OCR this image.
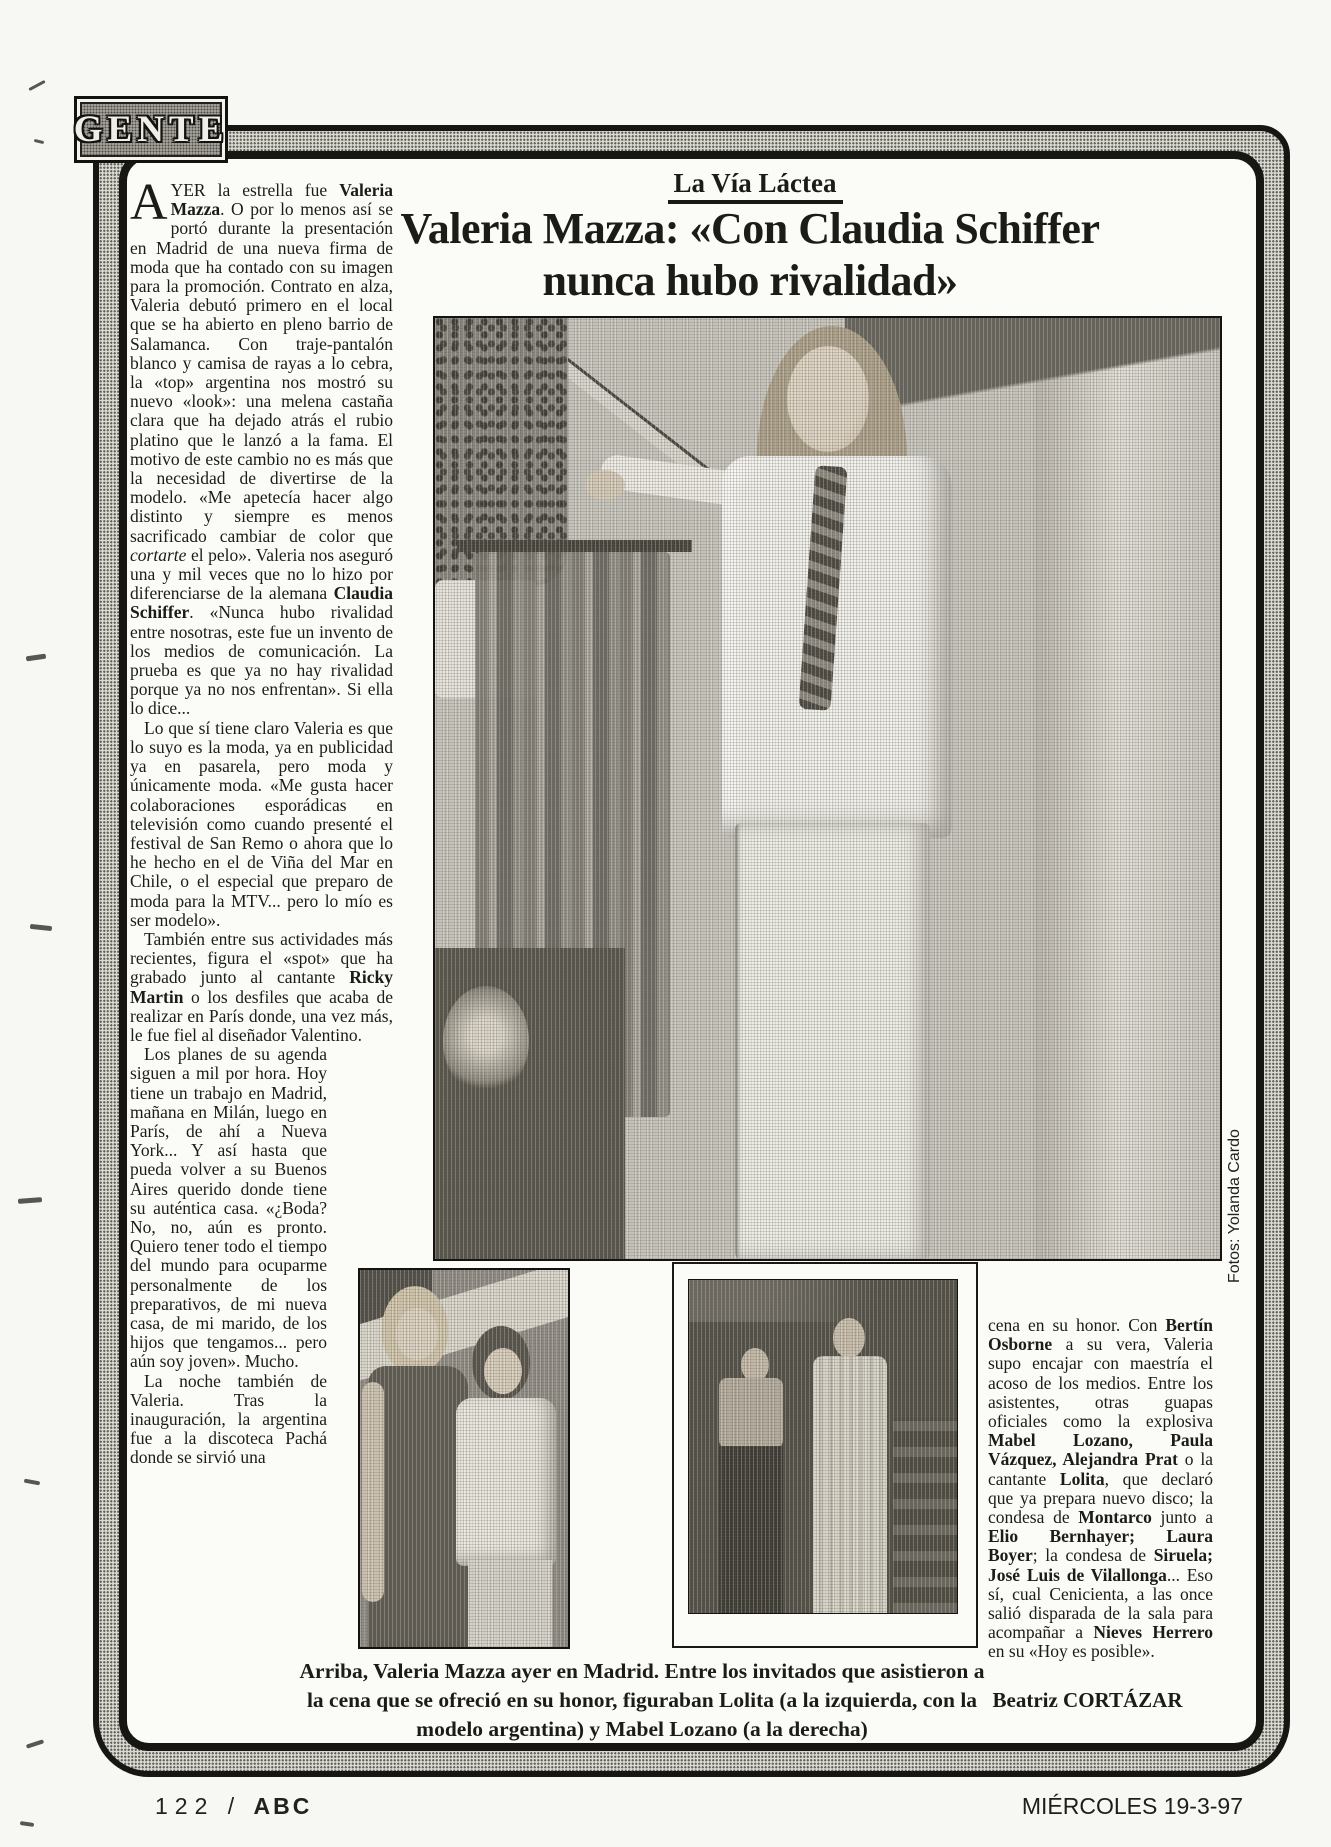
GENTE
La Vía Láctea
Valeria Mazza: «Con Claudia Schiffer
nunca hubo rivalidad»

AYER la estrella fue Valeria Mazza. O por lo menos así se portó durante la presentación en Madrid de una nueva firma de moda que ha contado con su imagen para la promoción. Contrato en alza, Valeria debutó primero en el local que se ha abierto en pleno barrio de Salamanca. Con traje-pantalón blanco y camisa de rayas a lo cebra, la «top» argentina nos mostró su nuevo «look»: una melena castaña clara que ha dejado atrás el rubio platino que le lanzó a la fama. El motivo de este cambio no es más que la necesidad de divertirse de la modelo. «Me apetecía hacer algo distinto y siempre es menos sacrificado cambiar de color que cortarte el pelo». Valeria nos aseguró una y mil veces que no lo hizo por diferenciarse de la alemana Claudia Schiffer. «Nunca hubo rivalidad entre nosotras, este fue un invento de los medios de comunicación. La prueba es que ya no hay rivalidad porque ya no nos enfrentan». Si ella lo dice...

Lo que sí tiene claro Valeria es que lo suyo es la moda, ya en publicidad ya en pasarela, pero moda y únicamente moda. «Me gusta hacer colaboraciones esporádicas en televisión como cuando presenté el festival de San Remo o ahora que lo he hecho en el de Viña del Mar en Chile, o el especial que preparo de moda para la MTV... pero lo mío es ser modelo».

También entre sus actividades más recientes, figura el «spot» que ha grabado junto al cantante Ricky Martin o los desfiles que acaba de realizar en París donde, una vez más, le fue fiel al diseñador Valentino.

Los planes de su agenda siguen a mil por hora. Hoy tiene un trabajo en Madrid, mañana en Milán, luego en París, de ahí a Nueva York... Y así hasta que pueda volver a su Buenos Aires querido donde tiene su auténtica casa. «¿Boda? No, no, aún es pronto. Quiero tener todo el tiempo del mundo para ocuparme personalmente de los preparativos, de mi nueva casa, de mi marido, de los hijos que tengamos... pero aún soy joven». Mucho.

La noche también de Valeria. Tras la inauguración, la argentina fue a la discoteca Pachá donde se sirvió una

cena en su honor. Con Bertín Osborne a su vera, Valeria supo encajar con maestría el acoso de los medios. Entre los asistentes, otras guapas oficiales como la explosiva Mabel Lozano, Paula Vázquez, Alejandra Prat o la cantante Lolita, que declaró que ya prepara nuevo disco; la condesa de Montarco junto a Elio Bernhayer; Laura Boyer; la condesa de Siruela; José Luis de Vilallonga... Eso sí, cual Cenicienta, a las once salió disparada de la sala para acompañar a Nieves Herrero en su «Hoy es posible».

Fotos: Yolanda Cardo
Beatriz CORTÁZAR
Arriba, Valeria Mazza ayer en Madrid. Entre los invitados que asistieron a la cena que se ofreció en su honor, figuraban Lolita (a la izquierda, con la modelo argentina) y Mabel Lozano (a la derecha)
122 / ABC	MIÉRCOLES 19-3-97
